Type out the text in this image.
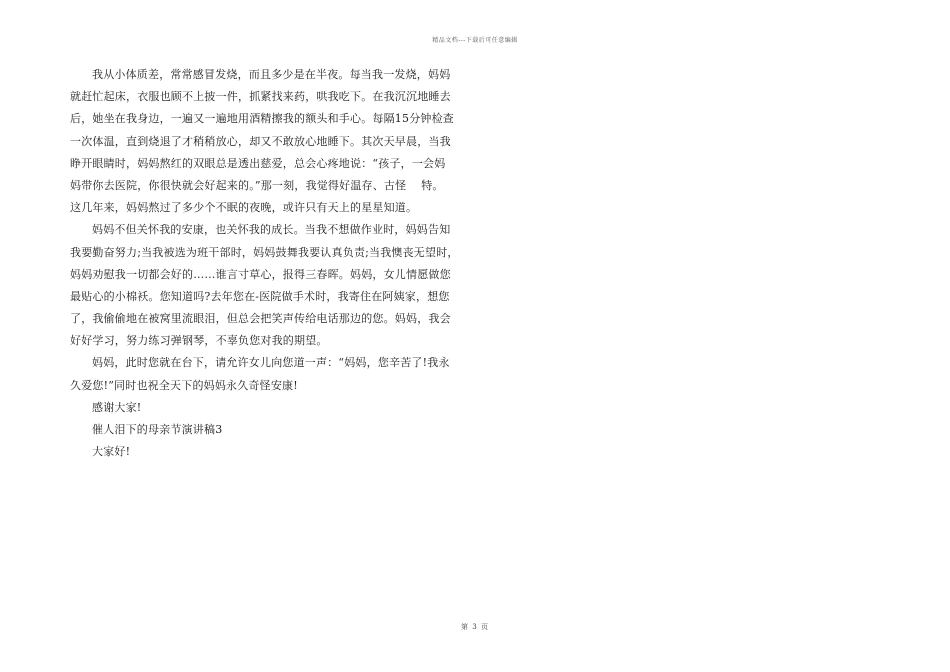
精品文档---下载后可任意编辑
我从小体质差，常常感冒发烧，而且多少是在半夜。每当我一发烧，妈妈
就赶忙起床，衣服也顾不上披一件，抓紧找来药，哄我吃下。在我沉沉地睡去
后，她坐在我身边，一遍又一遍地用酒精擦我的额头和手心。每隔15分钟检查
一次体温，直到烧退了才稍稍放心，却又不敢放心地睡下。其次天早晨，当我
睁开眼睛时，妈妈熬红的双眼总是透出慈爱，总会心疼地说：“孩子，一会妈
妈带你去医院，你很快就会好起来的。”那一刻，我觉得好温存、古怪　 特。
这几年来，妈妈熬过了多少个不眠的夜晚，或许只有天上的星星知道。
妈妈不但关怀我的安康，也关怀我的成长。当我不想做作业时，妈妈告知
我要勤奋努力;当我被选为班干部时，妈妈鼓舞我要认真负责;当我懊丧无望时，
妈妈劝慰我一切都会好的……谁言寸草心，报得三春晖。妈妈，女儿情愿做您
最贴心的小棉袄。您知道吗?去年您在-医院做手术时，我寄住在阿姨家，想您
了，我偷偷地在被窝里流眼泪，但总会把笑声传给电话那边的您。妈妈，我会
好好学习，努力练习弹钢琴，不辜负您对我的期望。
妈妈，此时您就在台下，请允许女儿向您道一声：“妈妈，您辛苦了!我永
久爱您!”同时也祝全天下的妈妈永久奇怪安康!
感谢大家!
催人泪下的母亲节演讲稿3
大家好!
第 3 页
